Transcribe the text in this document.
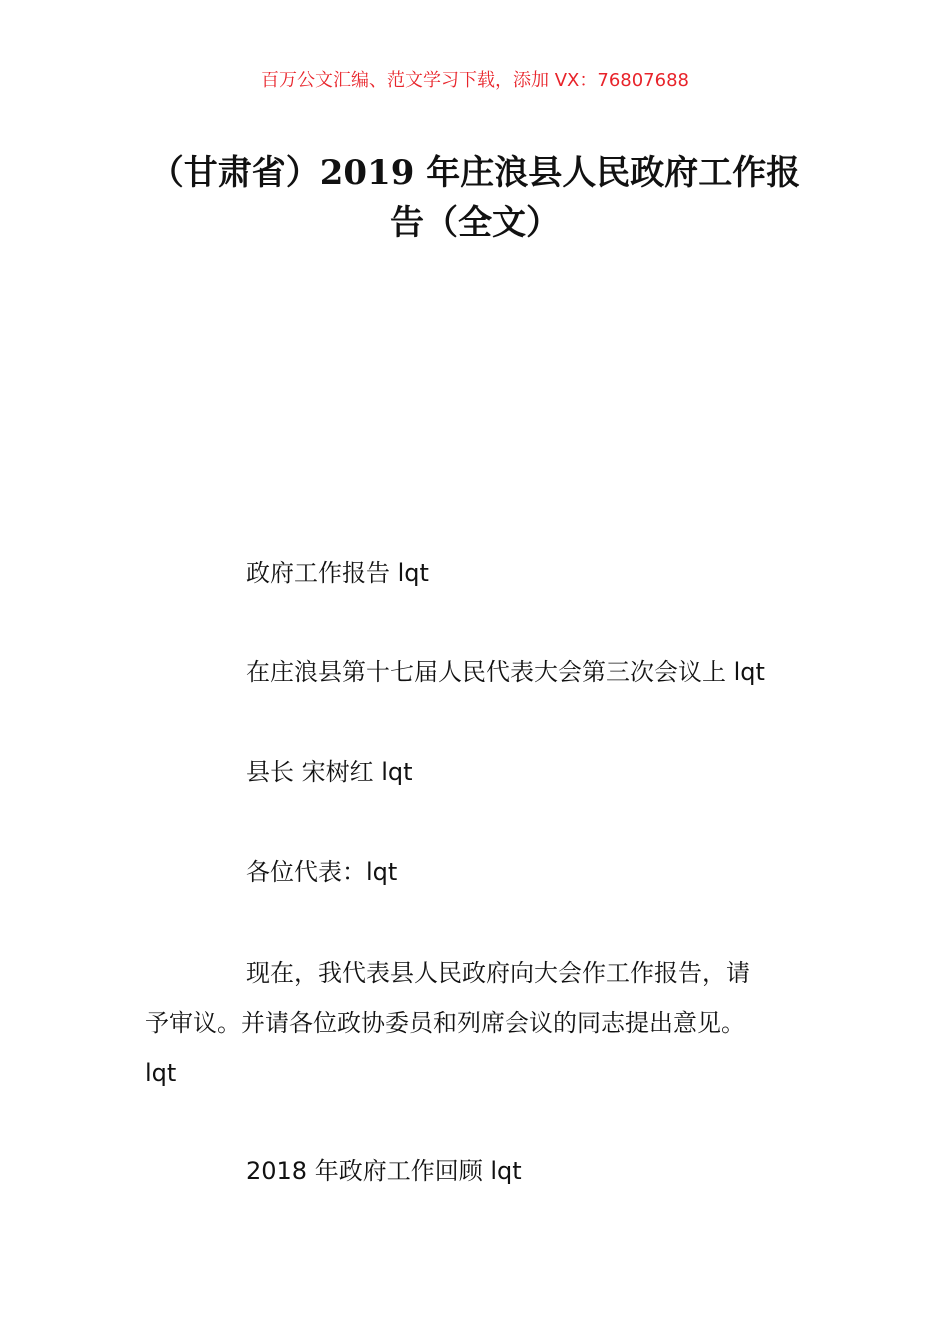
百万公文汇编、范文学习下载，添加 VX：76807688
（甘肃省）2019 年庄浪县人民政府工作报
告（全文）

政府工作报告 lqt

在庄浪县第十七届人民代表大会第三次会议上 lqt

县长 宋树红 lqt

各位代表：lqt

现在，我代表县人民政府向大会作工作报告，请

予审议。并请各位政协委员和列席会议的同志提出意见。

lqt

2018 年政府工作回顾 lqt
